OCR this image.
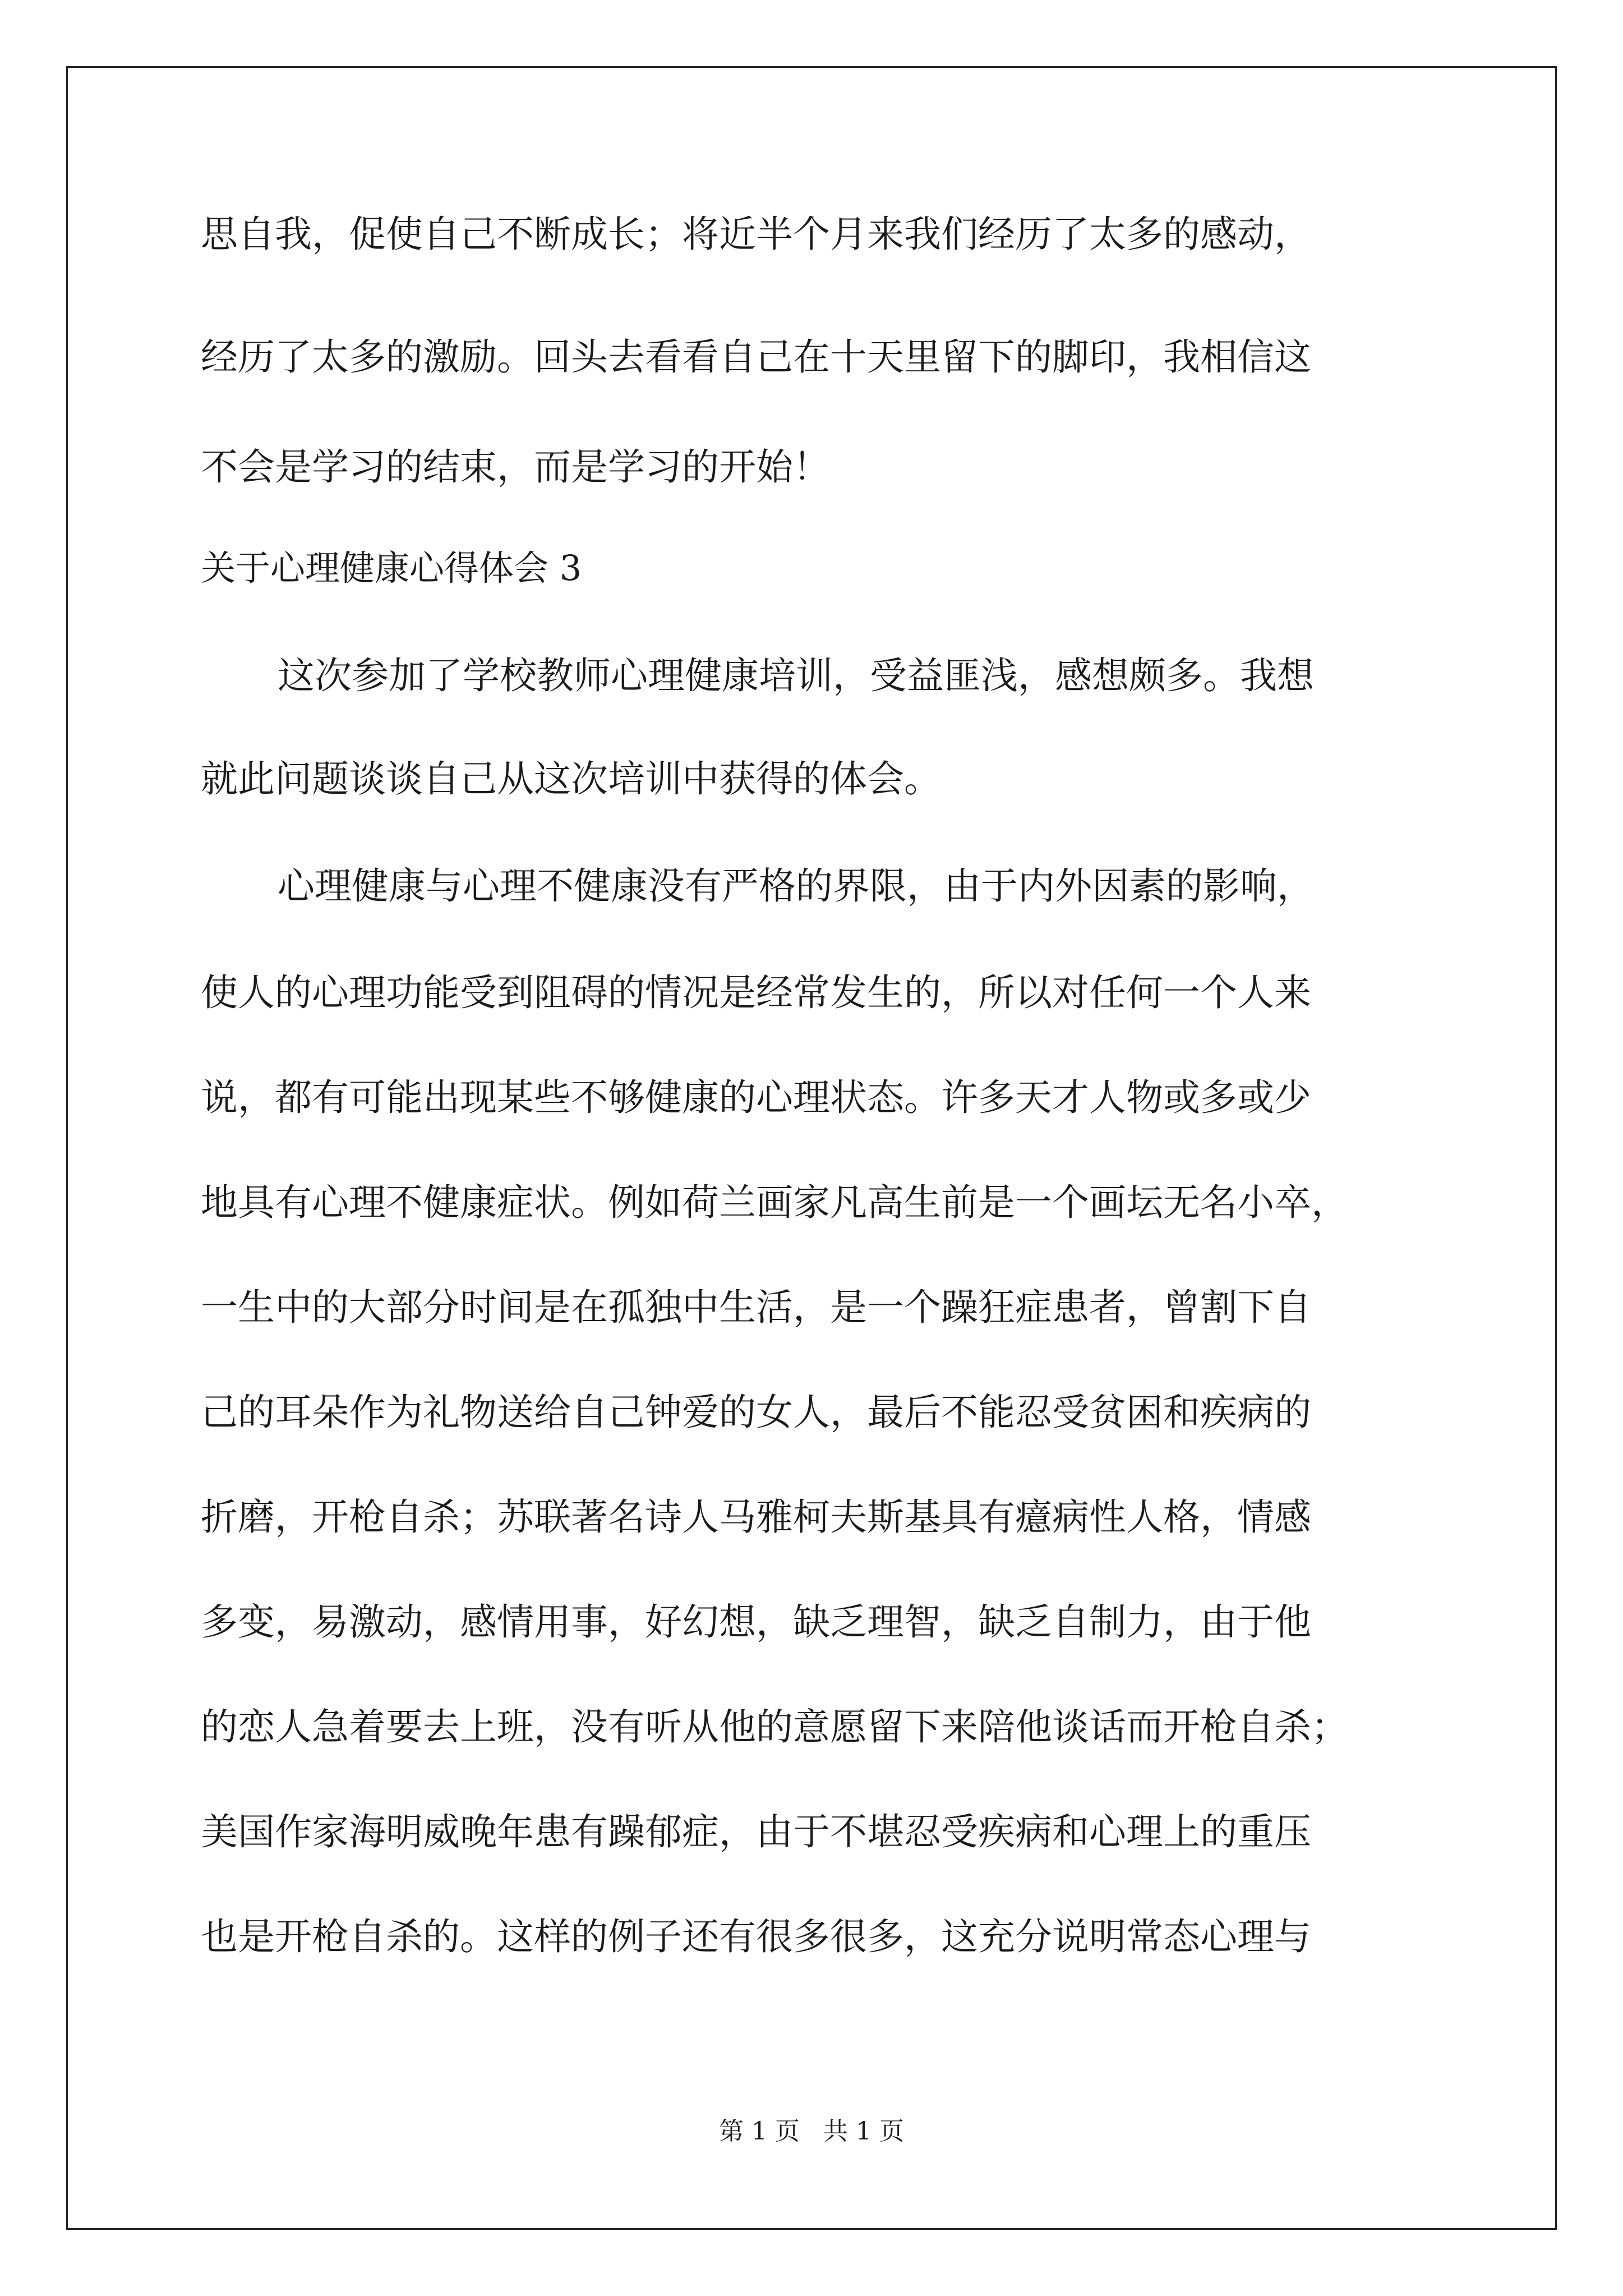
思自我，促使自己不断成长；将近半个月来我们经历了太多的感动，

经历了太多的激励。回头去看看自己在十天里留下的脚印，我相信这

不会是学习的结束，而是学习的开始！

关于心理健康心得体会 3

这次参加了学校教师心理健康培训，受益匪浅，感想颇多。我想

就此问题谈谈自己从这次培训中获得的体会。

心理健康与心理不健康没有严格的界限，由于内外因素的影响，

使人的心理功能受到阻碍的情况是经常发生的，所以对任何一个人来

说，都有可能出现某些不够健康的心理状态。许多天才人物或多或少

地具有心理不健康症状。例如荷兰画家凡高生前是一个画坛无名小卒，

一生中的大部分时间是在孤独中生活，是一个躁狂症患者，曾割下自

己的耳朵作为礼物送给自己钟爱的女人，最后不能忍受贫困和疾病的

折磨，开枪自杀；苏联著名诗人马雅柯夫斯基具有癔病性人格，情感

多变，易激动，感情用事，好幻想，缺乏理智，缺乏自制力，由于他

的恋人急着要去上班，没有听从他的意愿留下来陪他谈话而开枪自杀；

美国作家海明威晚年患有躁郁症，由于不堪忍受疾病和心理上的重压

也是开枪自杀的。这样的例子还有很多很多，这充分说明常态心理与

第 1 页   共 1 页
